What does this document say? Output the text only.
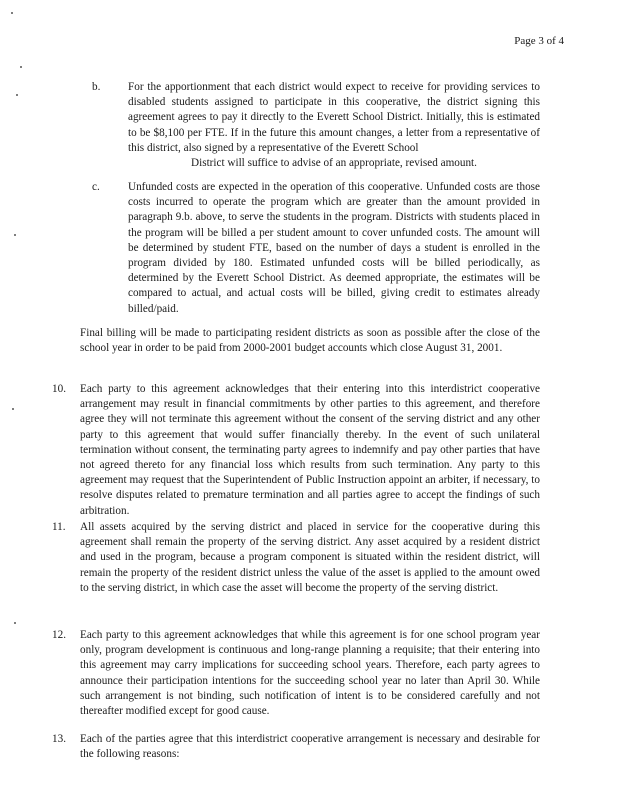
Page 3 of 4

b. For the apportionment that each district would expect to receive for providing services to disabled students assigned to participate in this cooperative, the district signing this agreement agrees to pay it directly to the Everett School District. Initially, this is estimated to be $8,100 per FTE. If in the future this amount changes, a letter from a representative of this district, also signed by a representative of the Everett School
District will suffice to advise of an appropriate, revised amount.

c.	Unfunded costs are expected in the operation of this cooperative. Unfunded costs are those costs incurred to operate the program which are greater than the amount provided in paragraph 9.b. above, to serve the students in the program. Districts with students placed in the program will be billed a per student amount to cover unfunded costs. The amount will be determined by student FTE, based on the number of days a student is enrolled in the program divided by 180. Estimated unfunded costs will be billed periodically, as determined by the Everett School District. As deemed appropriate, the estimates will be compared to actual, and actual costs will be billed, giving credit to estimates already billed/paid.

Final billing will be made to participating resident districts as soon as possible after the close of the school year in order to be paid from 2000-2001 budget accounts which close August 31, 2001.

10. Each party to this agreement acknowledges that their entering into this interdistrict cooperative arrangement may result in financial commitments by other parties to this agreement, and therefore agree they will not terminate this agreement without the consent of the serving district and any other party to this agreement that would suffer financially thereby. In the event of such unilateral termination without consent, the terminating party agrees to indemnify and pay other parties that have not agreed thereto for any financial loss which results from such termination. Any party to this agreement may request that the Superintendent of Public Instruction appoint an arbiter, if necessary, to resolve disputes related to premature termination and all parties agree to accept the findings of such arbitration.

11. All assets acquired by the serving district and placed in service for the cooperative during this agreement shall remain the property of the serving district. Any asset acquired by a resident district and used in the program, because a program component is situated within the resident district, will remain the property of the resident district unless the value of the asset is applied to the amount owed to the serving district, in which case the asset will become the property of the serving district.

12. Each party to this agreement acknowledges that while this agreement is for one school program year only, program development is continuous and long-range planning a requisite; that their entering into this agreement may carry implications for succeeding school years. Therefore, each party agrees to announce their participation intentions for the succeeding school year no later than April 30. While such arrangement is not binding, such notification of intent is to be considered carefully and not thereafter modified except for good cause.

13. Each of the parties agree that this interdistrict cooperative arrangement is necessary and desirable for the following reasons:
